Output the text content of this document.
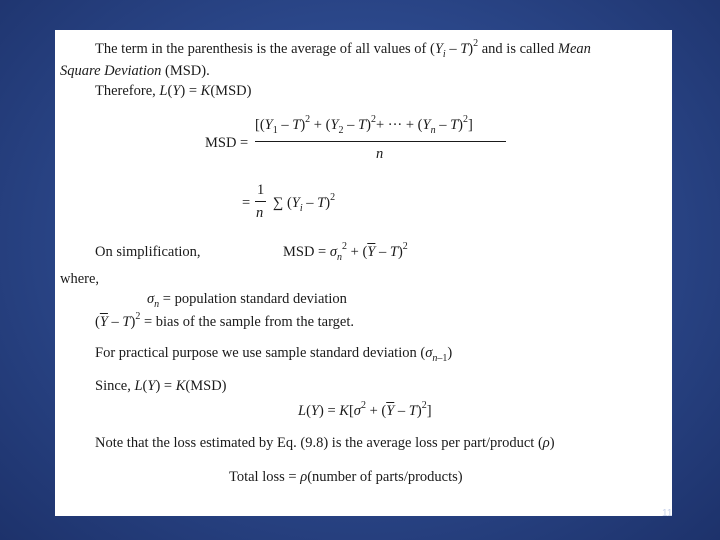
The term in the parenthesis is the average of all values of $(Y_i - T)^2$ and is called Mean
Square Deviation (MSD).
Therefore, L(Y) = K(MSD)
MSD =
[$(Y_1 - T)^2 + (Y_2 - T)^2+$ ··· + $(Y_n - T)^2$]
n
=
1
n
∑ $(Y_i - T)^2$
On simplification,	MSD = $\sigma_n^2 + (\overline{Y} - T)^2$
where,
$\sigma_n$ = population standard deviation
$(\overline{Y} - T)^2$ = bias of the sample from the target.
For practical purpose we use sample standard deviation $(\sigma_{n-1})$
Since, L(Y) = K(MSD)
$L(Y) = K[\sigma^2 + (\overline{Y} - T)^2]$
Note that the loss estimated by Eq. (9.8) is the average loss per part/product (ρ)
Total loss = ρ(number of parts/products)
11
